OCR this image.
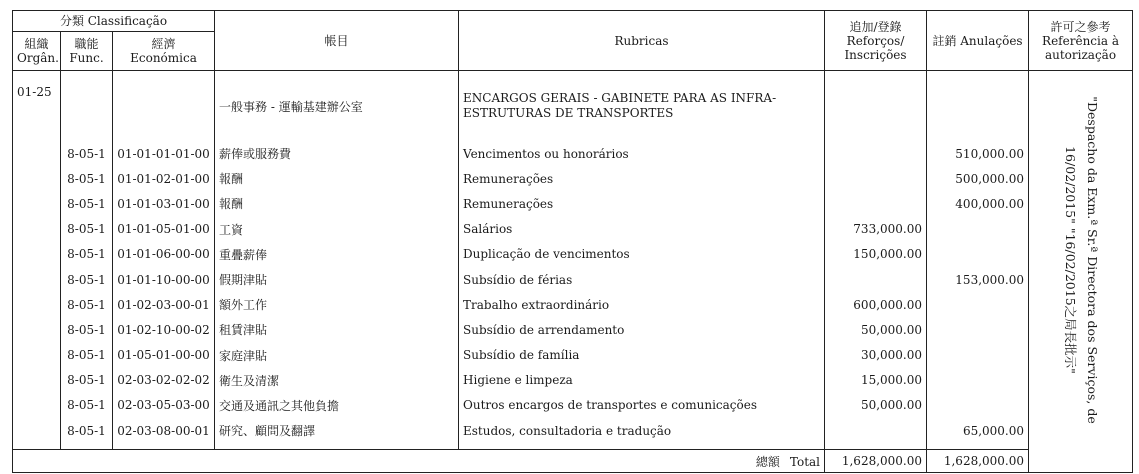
分類 Classificação			帳目	Rubricas	追加/登錄 Reforços/ Inscrições	註銷 Anulações	許可之參考 Referência à autorização
組織 Orgân.	職能 Func.	經濟 Económica					
01-25			一般事務 - 運輸基建辦公室	ENCARGOS GERAIS - GABINETE PARA AS INFRA-ESTRUTURAS DE TRANSPORTES			"Despacho da Exm.ª Sr.ª Directora dos Serviços, de 16/02/2015" "16/02/2015之局長批示"

	8-05-1	01-01-01-01-00	薪俸或服務費	Vencimentos ou honorários		510,000.00	
	8-05-1	01-01-02-01-00	報酬	Remunerações		500,000.00	
	8-05-1	01-01-03-01-00	報酬	Remunerações		400,000.00	
	8-05-1	01-01-05-01-00	工資	Salários	733,000.00		
	8-05-1	01-01-06-00-00	重疊薪俸	Duplicação de vencimentos	150,000.00		
	8-05-1	01-01-10-00-00	假期津貼	Subsídio de férias		153,000.00	
	8-05-1	01-02-03-00-01	額外工作	Trabalho extraordinário	600,000.00		
	8-05-1	01-02-10-00-02	租賃津貼	Subsídio de arrendamento	50,000.00		
	8-05-1	01-05-01-00-00	家庭津貼	Subsídio de família	30,000.00		
	8-05-1	02-03-02-02-02	衛生及清潔	Higiene e limpeza	15,000.00		
	8-05-1	02-03-05-03-00	交通及通訊之其他負擔	Outros encargos de transportes e comunicações	50,000.00		
	8-05-1	02-03-08-00-01	研究、顧問及翻譯	Estudos, consultadoria e tradução		65,000.00	

總額 Total					1,628,000.00	1,628,000.00	
